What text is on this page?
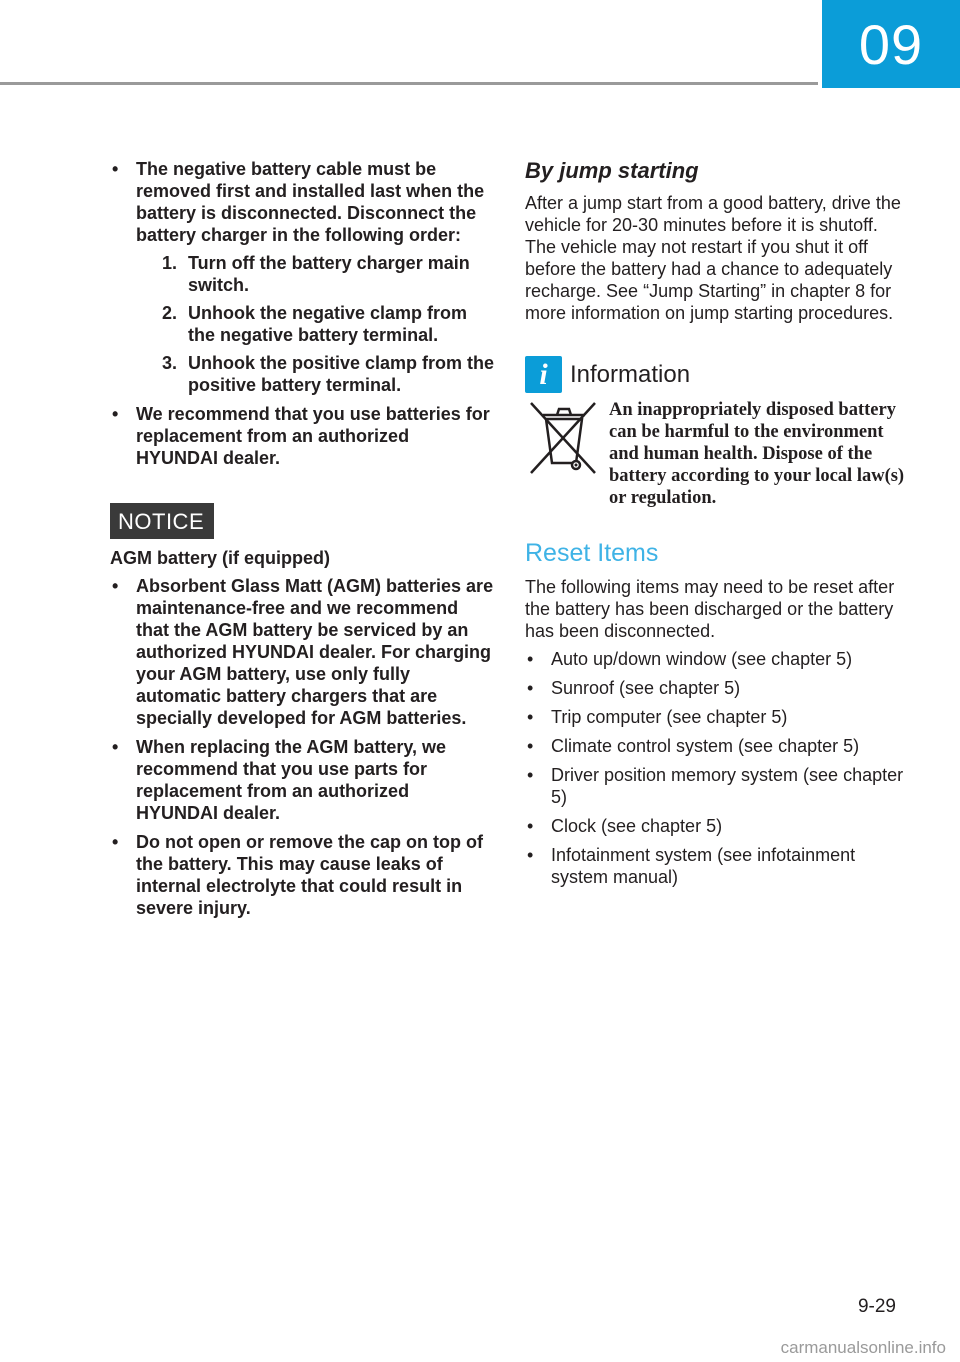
09
• The negative battery cable must be removed first and installed last when the battery is disconnected. Disconnect the battery charger in the following order:
1. Turn off the battery charger main switch.
2. Unhook the negative clamp from the negative battery terminal.
3. Unhook the positive clamp from the positive battery terminal.
• We recommend that you use batteries for replacement from an authorized HYUNDAI dealer.
NOTICE
AGM battery (if equipped)
• Absorbent Glass Matt (AGM) batteries are maintenance-free and we recommend that the AGM battery be serviced by an authorized HYUNDAI dealer. For charging your AGM battery, use only fully automatic battery chargers that are specially developed for AGM batteries.
• When replacing the AGM battery, we recommend that you use parts for replacement from an authorized HYUNDAI dealer.
• Do not open or remove the cap on top of the battery. This may cause leaks of internal electrolyte that could result in severe injury.
By jump starting

After a jump start from a good battery, drive the vehicle for 20-30 minutes before it is shutoff. The vehicle may not restart if you shut it off before the battery had a chance to adequately recharge. See “Jump Starting” in chapter 8 for more information on jump starting procedures.

i Information
An inappropriately disposed battery can be harmful to the environment and human health. Dispose of the battery according to your local law(s) or regulation.
Reset Items

The following items may need to be reset after the battery has been discharged or the battery has been disconnected.

• Auto up/down window (see chapter 5)
• Sunroof (see chapter 5)
• Trip computer (see chapter 5)
• Climate control system (see chapter 5)
• Driver position memory system (see chapter 5)
• Clock (see chapter 5)
• Infotainment system (see infotainment system manual)
9-29
carmanualsonline.info
